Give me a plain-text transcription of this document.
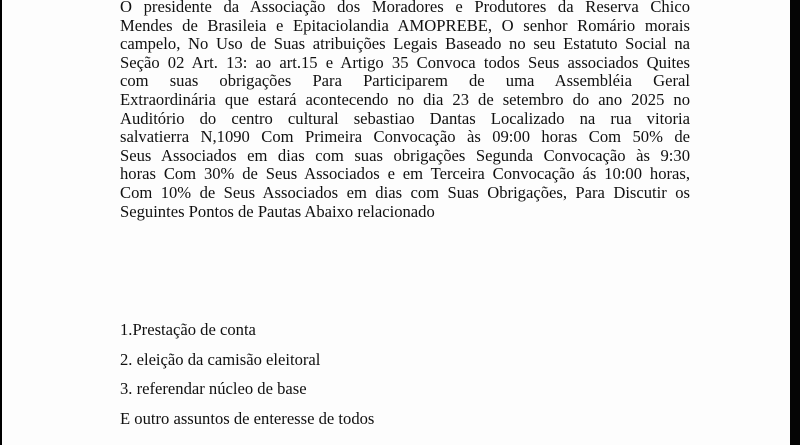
O presidente da Associação dos Moradores e Produtores da Reserva Chico
Mendes de Brasileia e Epitaciolandia AMOPREBE, O senhor Romário morais
campelo, No Uso de Suas atribuições Legais Baseado no seu Estatuto Social na
Seção 02 Art. 13: ao art.15 e Artigo 35 Convoca todos Seus associados Quites
com suas obrigações Para Participarem de uma Assembléia Geral
Extraordinária que estará acontecendo no dia 23 de setembro do ano 2025 no
Auditório do centro cultural sebastiao Dantas Localizado na rua vitoria
salvatierra N,1090 Com Primeira Convocação às 09:00 horas Com 50% de
Seus Associados em dias com suas obrigações Segunda Convocação às 9:30
horas Com 30% de Seus Associados e em Terceira Convocação ás 10:00 horas,
Com 10% de Seus Associados em dias com Suas Obrigações, Para Discutir os
Seguintes Pontos de Pautas Abaixo relacionado

1.Prestação de conta
2. eleição da camisão eleitoral
3. referendar núcleo de base
E outro assuntos de enteresse de todos
